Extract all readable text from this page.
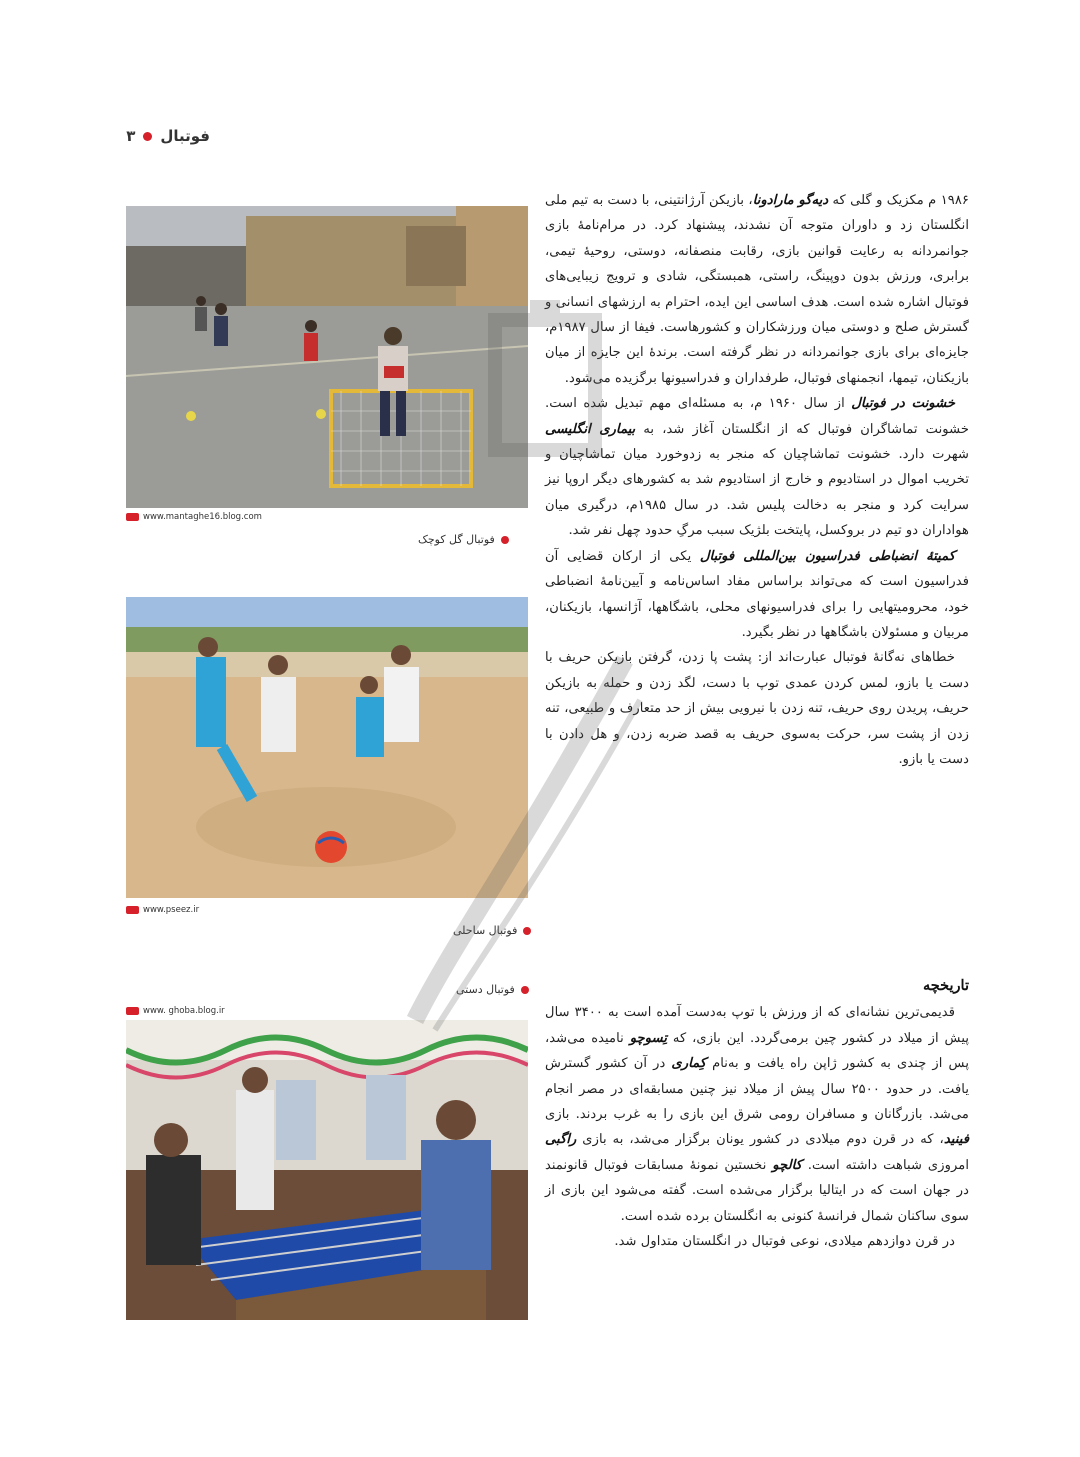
فوتبال
۳
www.mantaghe16.blog.com
فوتبال گل کوچک
www.pseez.ir
فوتبال ساحلی
فوتبال دستی
www. ghoba.blog.ir

۱۹۸۶ م مکزیک و گلی که دیه‌گو مارادونا، بازیکن آرژانتینی، با دست به تیم ملی انگلستان زد و داوران متوجه آن نشدند، پیشنهاد کرد. در مرام‌نامهٔ بازی جوانمردانه به رعایت قوانین بازی، رقابت منصفانه، دوستی، روحیهٔ تیمی، برابری، ورزش بدون دوپینگ، راستی، همبستگی، شادی و ترویج زیبایی‌های فوتبال اشاره شده است. هدف اساسی این ایده، احترام به ارزشهای انسانی و گسترش صلح و دوستی میان ورزشکاران و کشورهاست. فیفا از سال ۱۹۸۷م، جایزه‌ای برای بازی جوانمردانه در نظر گرفته است. برندهٔ این جایزه از میان بازیکنان، تیمها، انجمنهای فوتبال، طرفداران و فدراسیونها برگزیده می‌شود.

خشونت در فوتبال از سال ۱۹۶۰ م، به مسئله‌ای مهم تبدیل شده است. خشونت تماشاگران فوتبال که از انگلستان آغاز شد، به بیماری انگلیسی شهرت دارد. خشونت تماشاچیان که منجر به زدوخورد میان تماشاچیان و تخریب اموال در استادیوم و خارج از استادیوم شد به کشورهای دیگر اروپا نیز سرایت کرد و منجر به دخالت پلیس شد. در سال ۱۹۸۵م، درگیری میان هواداران دو تیم در بروکسل، پایتخت بلژیک سبب مرگِ حدود چهل نفر شد.

کمیتهٔ انضباطی فدراسیون بین‌المللی فوتبال یکی از ارکان قضایی آن فدراسیون است که می‌تواند براساس مفاد اساس‌نامه و آیین‌نامهٔ انضباطی خود، محرومیتهایی را برای فدراسیونهای محلی، باشگاهها، آژانسها، بازیکنان، مربیان و مسئولان باشگاهها در نظر بگیرد.

خطاهای نه‌گانهٔ فوتبال عبارت‌اند از: پشت پا زدن، گرفتن بازیکن حریف با دست یا بازو، لمس کردن عمدی توپ با دست، لگد زدن و حمله به بازیکن حریف، پریدن روی حریف، تنه زدن با نیرویی بیش از حد متعارف و طبیعی، تنه زدن از پشت سر، حرکت به‌سوی حریف به قصد ضربه زدن، و هل دادن با دست یا بازو.

تاریخچه

قدیمی‌ترین نشانه‌ای که از ورزش با توپ به‌دست آمده است به ۳۴۰۰ سال پیش از میلاد در کشور چین برمی‌گردد. این بازی، که تِسوچو نامیده می‌شد، پس از چندی به کشور ژاپن راه یافت و به‌نام کِماری در آن کشور گسترش یافت. در حدود ۲۵۰۰ سال پیش از میلاد نیز چنین مسابقه‌ای در مصر انجام می‌شد. بازرگانان و مسافران رومی شرق این بازی را به غرب بردند. بازی فینید، که در قرن دوم میلادی در کشور یونان برگزار می‌شد، به بازی راگبی امروزی شباهت داشته است. کالچو نخستین نمونهٔ مسابقات فوتبال قانونمند در جهان است که در ایتالیا برگزار می‌شده است. گفته می‌شود این بازی از سوی ساکنان شمال فرانسهٔ کنونی به انگلستان برده شده است.

در قرن دوازدهم میلادی، نوعی فوتبال در انگلستان متداول شد.
